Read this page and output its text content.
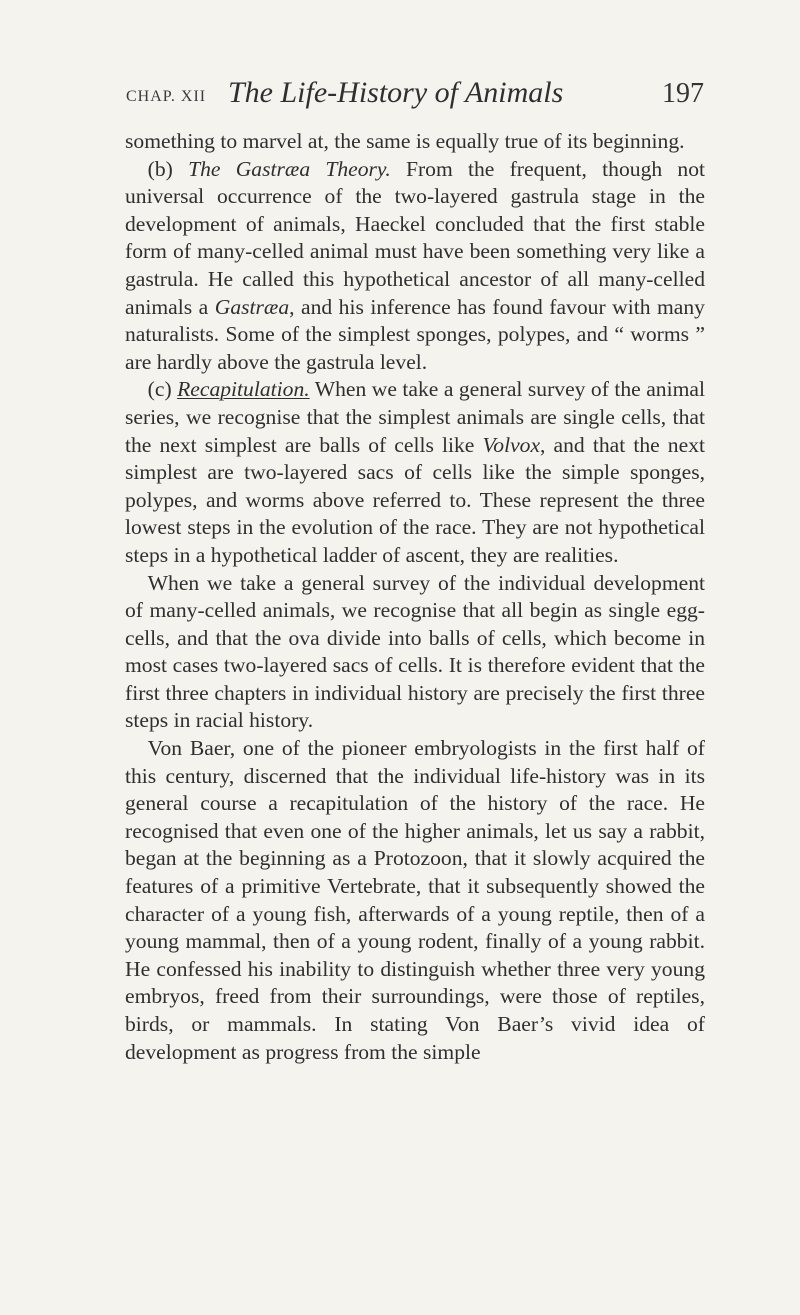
CHAP. XII The Life-History of Animals	197

something to marvel at, the same is equally true of its beginning.

(b) The Gastræa Theory. From the frequent, though not universal occurrence of the two-layered gastrula stage in the development of animals, Haeckel concluded that the first stable form of many-celled animal must have been something very like a gastrula. He called this hypothetical ancestor of all many-celled animals a Gastræa, and his inference has found favour with many naturalists. Some of the simplest sponges, polypes, and “ worms ” are hardly above the gastrula level.

(c) Recapitulation. When we take a general survey of the animal series, we recognise that the simplest animals are single cells, that the next simplest are balls of cells like Volvox, and that the next simplest are two-layered sacs of cells like the simple sponges, polypes, and worms above referred to. These represent the three lowest steps in the evolution of the race. They are not hypothetical steps in a hypothetical ladder of ascent, they are realities.

When we take a general survey of the individual development of many-celled animals, we recognise that all begin as single egg-cells, and that the ova divide into balls of cells, which become in most cases two-layered sacs of cells. It is therefore evident that the first three chapters in individual history are precisely the first three steps in racial history.

Von Baer, one of the pioneer embryologists in the first half of this century, discerned that the individual life-history was in its general course a recapitulation of the history of the race. He recognised that even one of the higher animals, let us say a rabbit, began at the beginning as a Protozoon, that it slowly acquired the features of a primitive Vertebrate, that it subsequently showed the character of a young fish, afterwards of a young reptile, then of a young mammal, then of a young rodent, finally of a young rabbit. He confessed his inability to distinguish whether three very young embryos, freed from their surroundings, were those of reptiles, birds, or mammals. In stating Von Baer’s vivid idea of development as progress from the simple
